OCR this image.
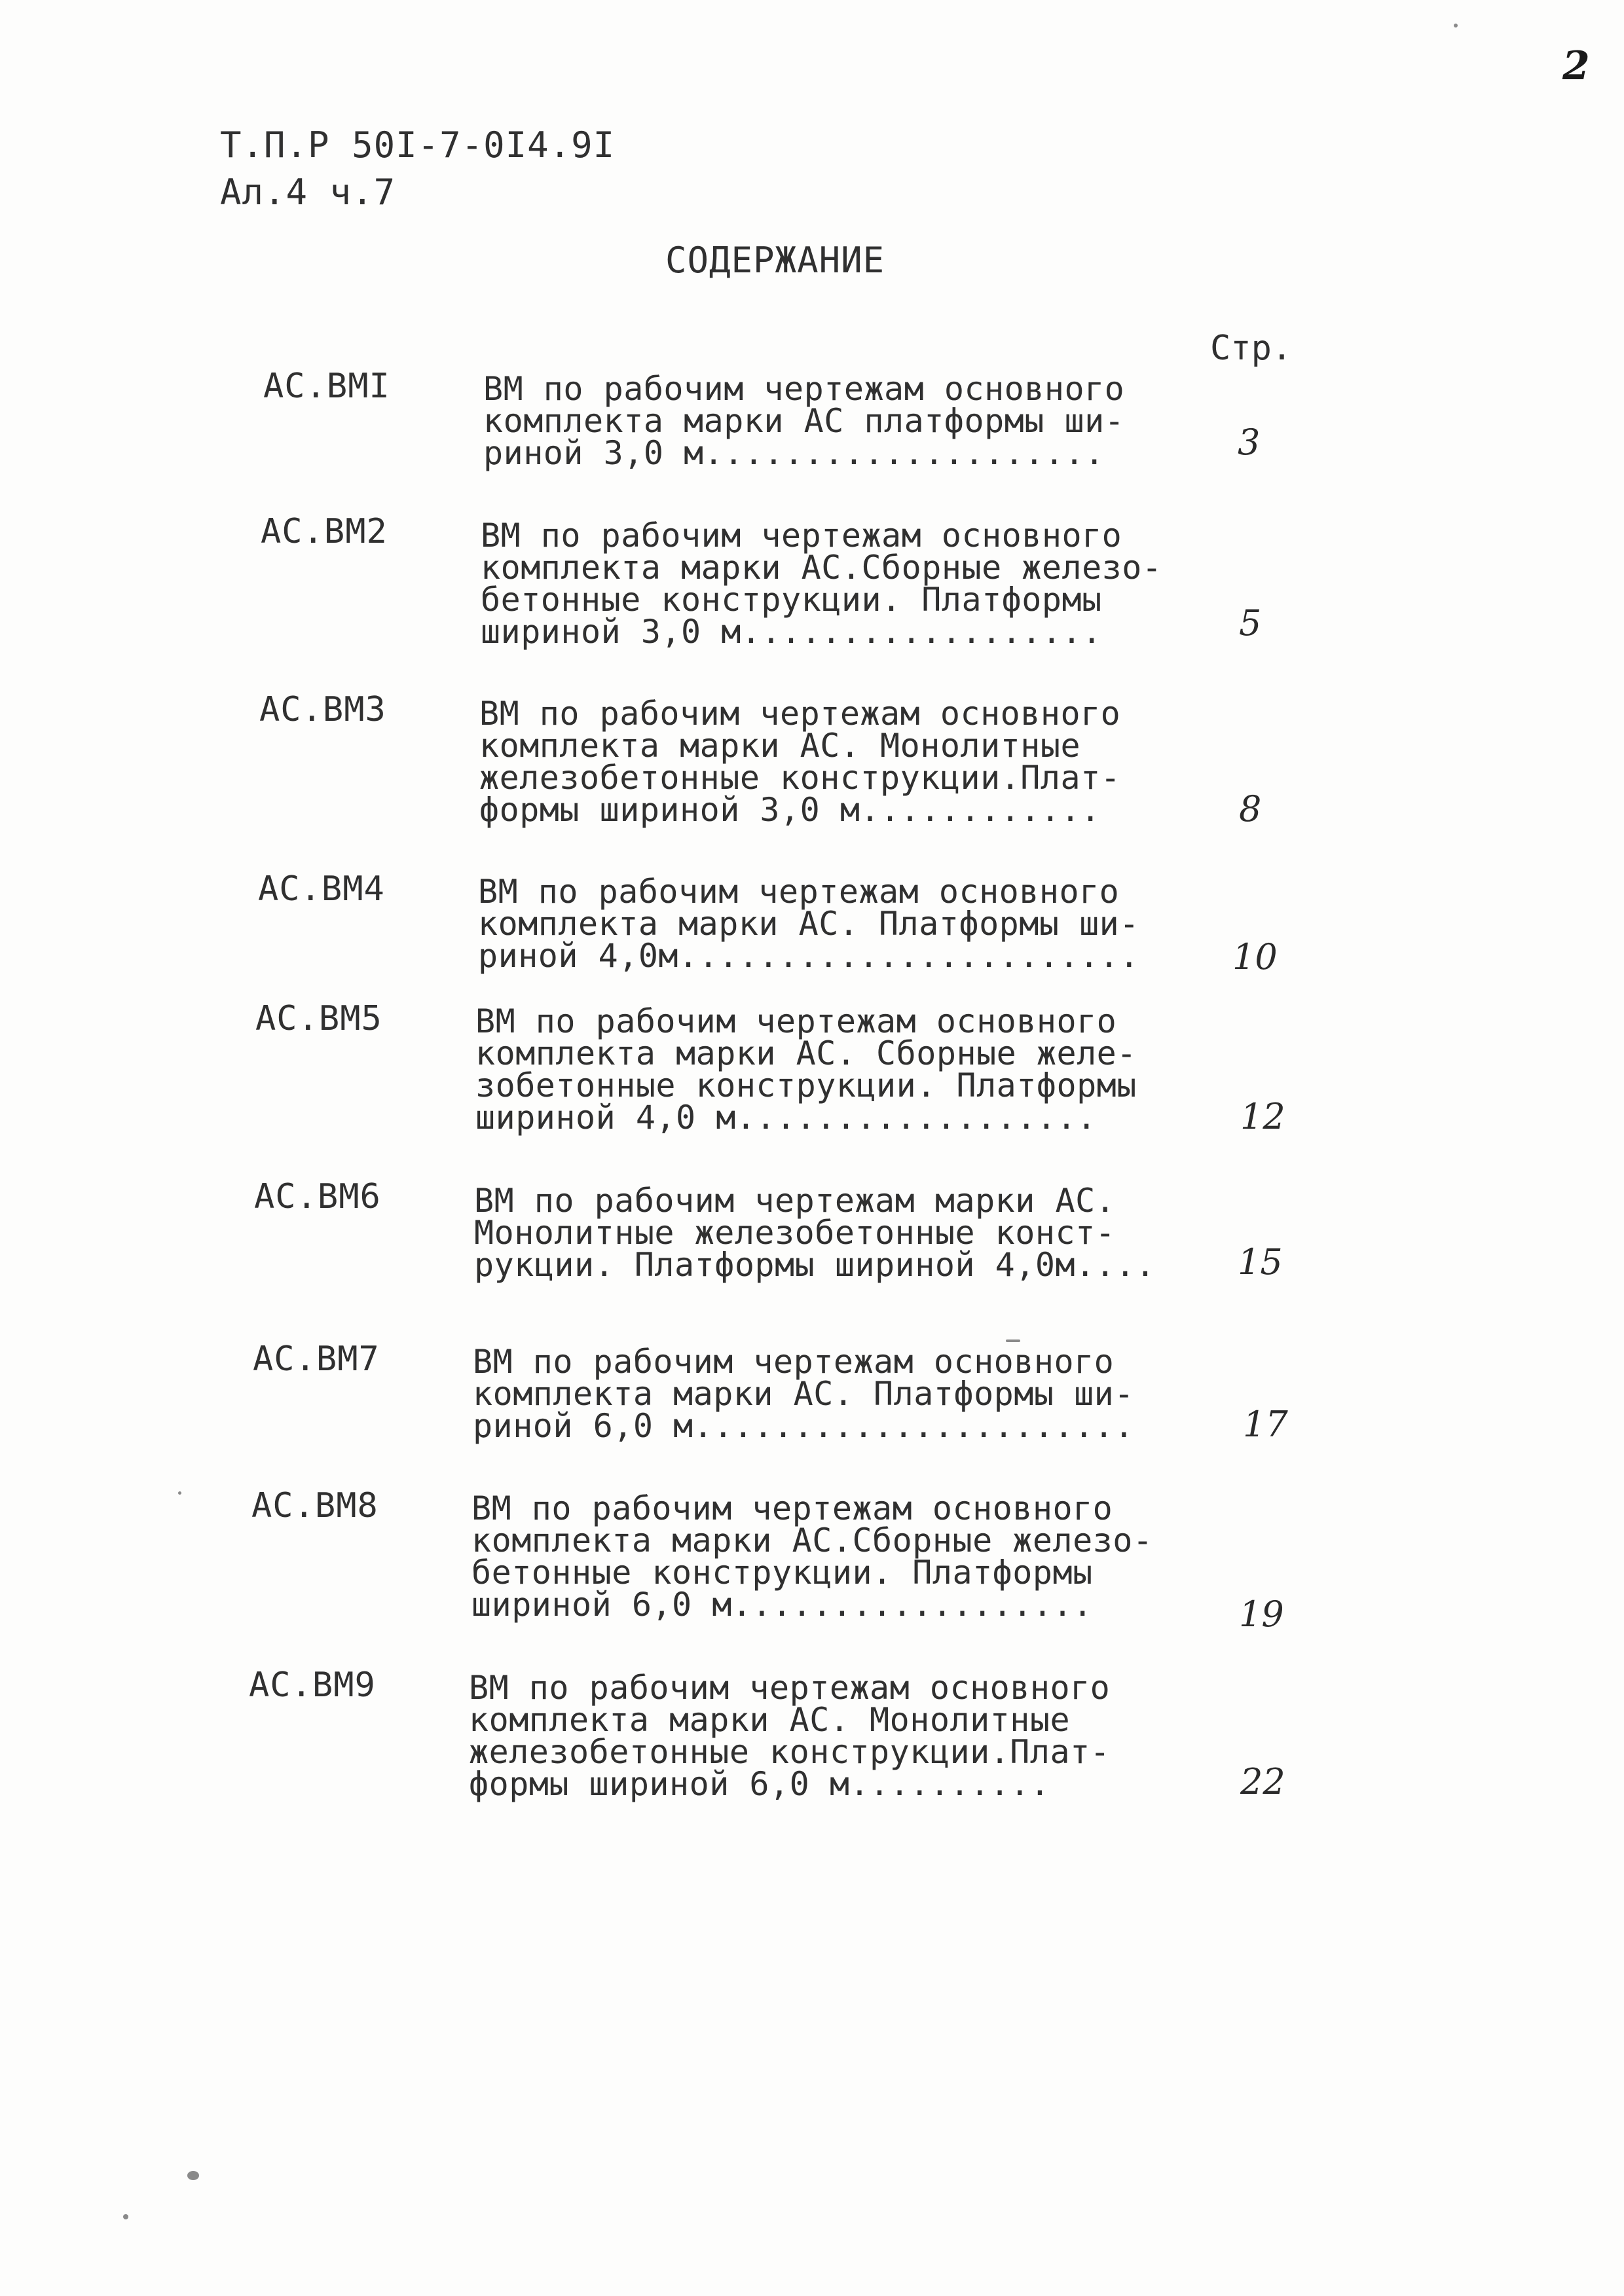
2
Т.П.Р 50І-7-0І4.9І
Ал.4 ч.7
СОДЕРЖАНИЕ
Стр.
АС.ВМІ	ВМ по рабочим чертежам основного
комплекта марки АС платформы ши-
риной 3,0 м....................	3
АС.ВМ2	ВМ по рабочим чертежам основного
комплекта марки АС.Сборные железо-
бетонные конструкции. Платформы
шириной 3,0 м..................	5
АС.ВМ3	ВМ по рабочим чертежам основного
комплекта марки АС. Монолитные
железобетонные конструкции.Плат-
формы шириной 3,0 м............	8
АС.ВМ4	ВМ по рабочим чертежам основного
комплекта марки АС. Платформы ши-
риной 4,0м.......................	10
АС.ВМ5	ВМ по рабочим чертежам основного
комплекта марки АС. Сборные желе-
зобетонные конструкции. Платформы
шириной 4,0 м..................	12
АС.ВМ6	ВМ по рабочим чертежам марки АС.
Монолитные железобетонные конст-
рукции. Платформы шириной 4,0м.... 15
АС.ВМ7	ВМ по рабочим чертежам основного
комплекта марки АС. Платформы ши-
риной 6,0 м......................	17
АС.ВМ8	ВМ по рабочим чертежам основного
комплекта марки АС.Сборные железо-
бетонные конструкции. Платформы
шириной 6,0 м..................	19
АС.ВМ9	ВМ по рабочим чертежам основного
комплекта марки АС. Монолитные
железобетонные конструкции.Плат-
формы шириной 6,0 м..........	22
